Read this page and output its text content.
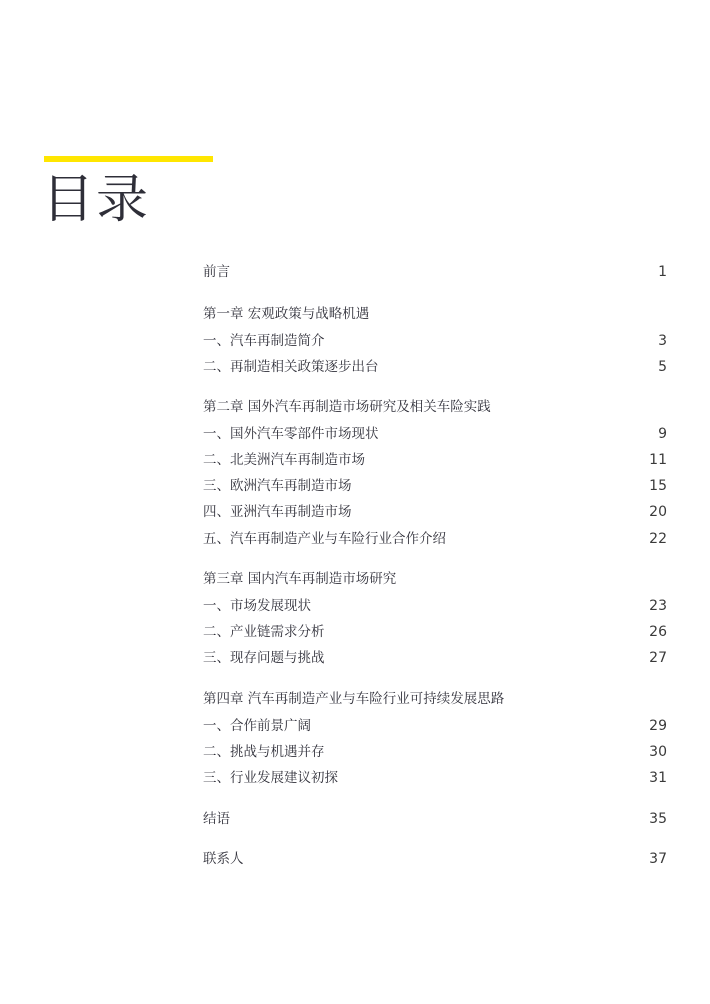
目录
前言	1
第一章 宏观政策与战略机遇
一、汽车再制造简介	3
二、再制造相关政策逐步出台	5
第二章 国外汽车再制造市场研究及相关车险实践
一、国外汽车零部件市场现状	9
二、北美洲汽车再制造市场	11
三、欧洲汽车再制造市场	15
四、亚洲汽车再制造市场	20
五、汽车再制造产业与车险行业合作介绍	22
第三章 国内汽车再制造市场研究
一、市场发展现状	23
二、产业链需求分析	26
三、现存问题与挑战	27
第四章 汽车再制造产业与车险行业可持续发展思路
一、合作前景广阔	29
二、挑战与机遇并存	30
三、行业发展建议初探	31
结语	35
联系人	37
